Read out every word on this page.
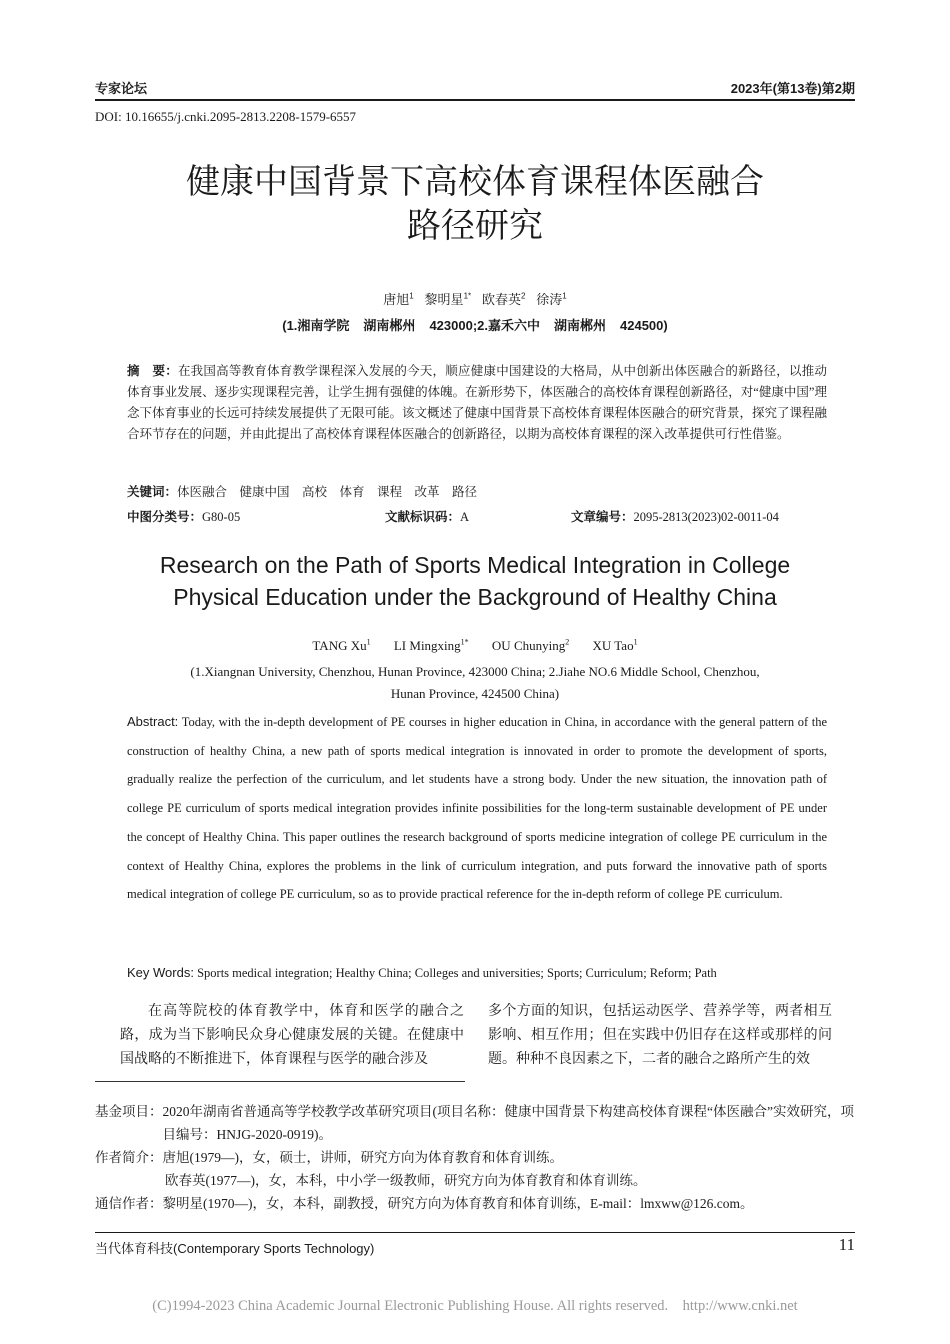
专家论坛	2023年(第13卷)第2期
DOI: 10.16655/j.cnki.2095-2813.2208-1579-6557
健康中国背景下高校体育课程体医融合
路径研究
唐旭$^1$ 黎明星$^{1*}$ 欧春英$^2$ 徐涛$^1$
(1.湘南学院 湖南郴州 423000;2.嘉禾六中 湖南郴州 424500)
摘　要：在我国高等教育体育教学课程深入发展的今天，顺应健康中国建设的大格局，从中创新出体医融合的新路径，以推动体育事业发展、逐步实现课程完善，让学生拥有强健的体魄。在新形势下，体医融合的高校体育课程创新路径，对“健康中国”理念下体育事业的长远可持续发展提供了无限可能。该文概述了健康中国背景下高校体育课程体医融合的研究背景，探究了课程融合环节存在的问题，并由此提出了高校体育课程体医融合的创新路径，以期为高校体育课程的深入改革提供可行性借鉴。
关键词：体医融合　健康中国　高校　体育　课程　改革　路径
中图分类号：G80-05	文献标识码：A	文章编号：2095-2813(2023)02-0011-04
Research on the Path of Sports Medical Integration in College
Physical Education under the Background of Healthy China
TANG Xu$^1$ LI Mingxing$^{1*}$ OU Chunying$^2$ XU Tao$^1$
(1.Xiangnan University, Chenzhou, Hunan Province, 423000 China; 2.Jiahe NO.6 Middle School, Chenzhou,
Hunan Province, 424500 China)
Abstract: Today, with the in-depth development of PE courses in higher education in China, in accordance with the general pattern of the construction of healthy China, a new path of sports medical integration is innovated in order to promote the development of sports, gradually realize the perfection of the curriculum, and let students have a strong body. Under the new situation, the innovation path of college PE curriculum of sports medical integration provides infinite possibilities for the long-term sustainable development of PE under the concept of Healthy China. This paper outlines the research background of sports medicine integration of college PE curriculum in the context of Healthy China, explores the problems in the link of curriculum integration, and puts forward the innovative path of sports medical integration of college PE curriculum, so as to provide practical reference for the in-depth reform of college PE curriculum.
Key Words: Sports medical integration; Healthy China; Colleges and universities; Sports; Curriculum; Reform; Path
在高等院校的体育教学中，体育和医学的融合之路，成为当下影响民众身心健康发展的关键。在健康中国战略的不断推进下，体育课程与医学的融合涉及
多个方面的知识，包括运动医学、营养学等，两者相互影响、相互作用；但在实践中仍旧存在这样或那样的问题。种种不良因素之下，二者的融合之路所产生的效
基金项目： 2020年湖南省普通高等学校教学改革研究项目(项目名称：健康中国背景下构建高校体育课程“体医融合”实效研究，项目编号：HNJG-2020-0919)。
作者简介： 唐旭(1979—)，女，硕士，讲师，研究方向为体育教育和体育训练。
欧春英(1977—)，女，本科，中小学一级教师，研究方向为体育教育和体育训练。
通信作者： 黎明星(1970—)，女，本科，副教授，研究方向为体育教育和体育训练，E-mail：lmxww@126.com。
当代体育科技(Contemporary Sports Technology)	11
(C)1994-2023 China Academic Journal Electronic Publishing House. All rights reserved.    http://www.cnki.net
